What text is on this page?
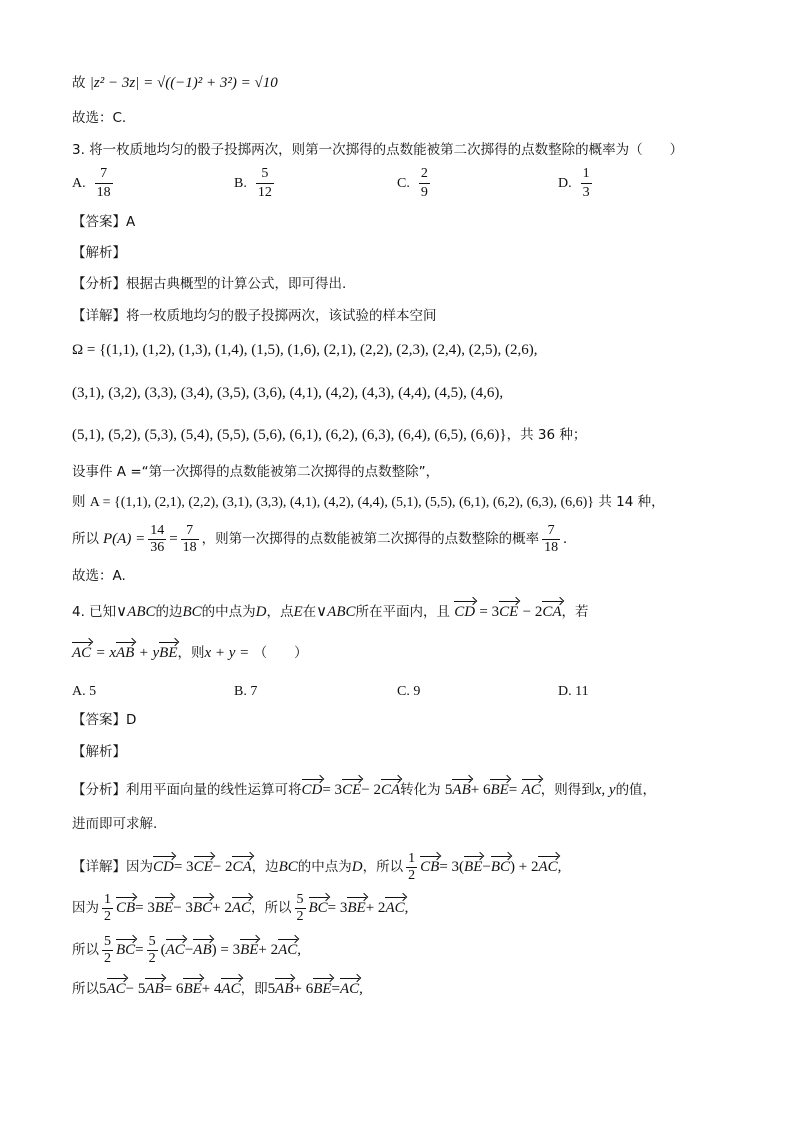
故 |z² − 3z| = √((−1)² + 3²) = √10
故选：C.
3. 将一枚质地均匀的骰子投掷两次，则第一次掷得的点数能被第二次掷得的点数整除的概率为（　　）
A. $\frac{7}{18}$	B. $\frac{5}{12}$	C. $\frac{2}{9}$	D. $\frac{1}{3}$
【答案】A
【解析】
【分析】根据古典概型的计算公式，即可得出.
【详解】将一枚质地均匀的骰子投掷两次，该试验的样本空间
Ω = {(1,1), (1,2), (1,3), (1,4), (1,5), (1,6), (2,1), (2,2), (2,3), (2,4), (2,5), (2,6),
(3,1), (3,2), (3,3), (3,4), (3,5), (3,6), (4,1), (4,2), (4,3), (4,4), (4,5), (4,6),
(5,1), (5,2), (5,3), (5,4), (5,5), (5,6), (6,1), (6,2), (6,3), (6,4), (6,5), (6,6)}，共 36 种；
设事件 A =“第一次掷得的点数能被第二次掷得的点数整除”，
则 A = {(1,1), (2,1), (2,2), (3,1), (3,3), (4,1), (4,2), (4,4), (5,1), (5,5), (6,1), (6,2), (6,3), (6,6)} 共 14 种，
所以 $P(A) = \frac{14}{36} = \frac{7}{18}$ ，则第一次掷得的点数能被第二次掷得的点数整除的概率 $\frac{7}{18}$ .
故选：A.
4. 已知∨ABC的边BC的中点为D，点E在∨ABC所在平面内，且 CD = 3CE − 2CA，若
AC = xAB + yBE，则x + y = （　　）
A. 5	B. 7	C. 9	D. 11
【答案】D
【解析】
【分析】利用平面向量的线性运算可将CD= 3CE− 2CA转化为 5AB+ 6BE= AC，则得到x, y的值，
进而即可求解.
【详解】因为 CD = 3 CE − 2 CA ，边 BC 的中点为 D ，所以 $\frac{1}{2}$ CB = 3( BE − BC ) + 2 AC ,
因为 $\frac{1}{2}$ CB = 3 BE − 3 BC + 2 AC ，所以 $\frac{5}{2}$ BC = 3 BE + 2 AC ,
所以 $\frac{5}{2}$ BC = $\frac{5}{2}$ ( AC − AB ) = 3 BE + 2 AC ,
所以5AC− 5AB= 6BE+ 4AC，即5AB+ 6BE=AC,
